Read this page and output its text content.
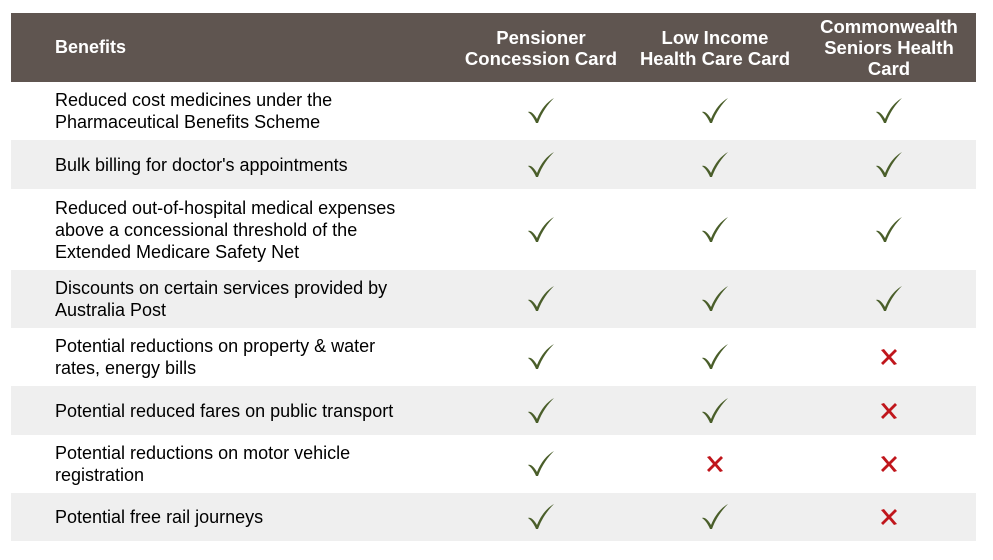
Benefits	Pensioner
Concession Card
Low Income
Health Care Card
Commonwealth
Seniors Health
Card
Reduced cost medicines under the
Pharmaceutical Benefits Scheme
Bulk billing for doctor's appointments
Reduced out-of-hospital medical expenses
above a concessional threshold of the
Extended Medicare Safety Net
Discounts on certain services provided by
Australia Post
Potential reductions on property & water
rates, energy bills
Potential reduced fares on public transport
Potential reductions on motor vehicle
registration
Potential free rail journeys
